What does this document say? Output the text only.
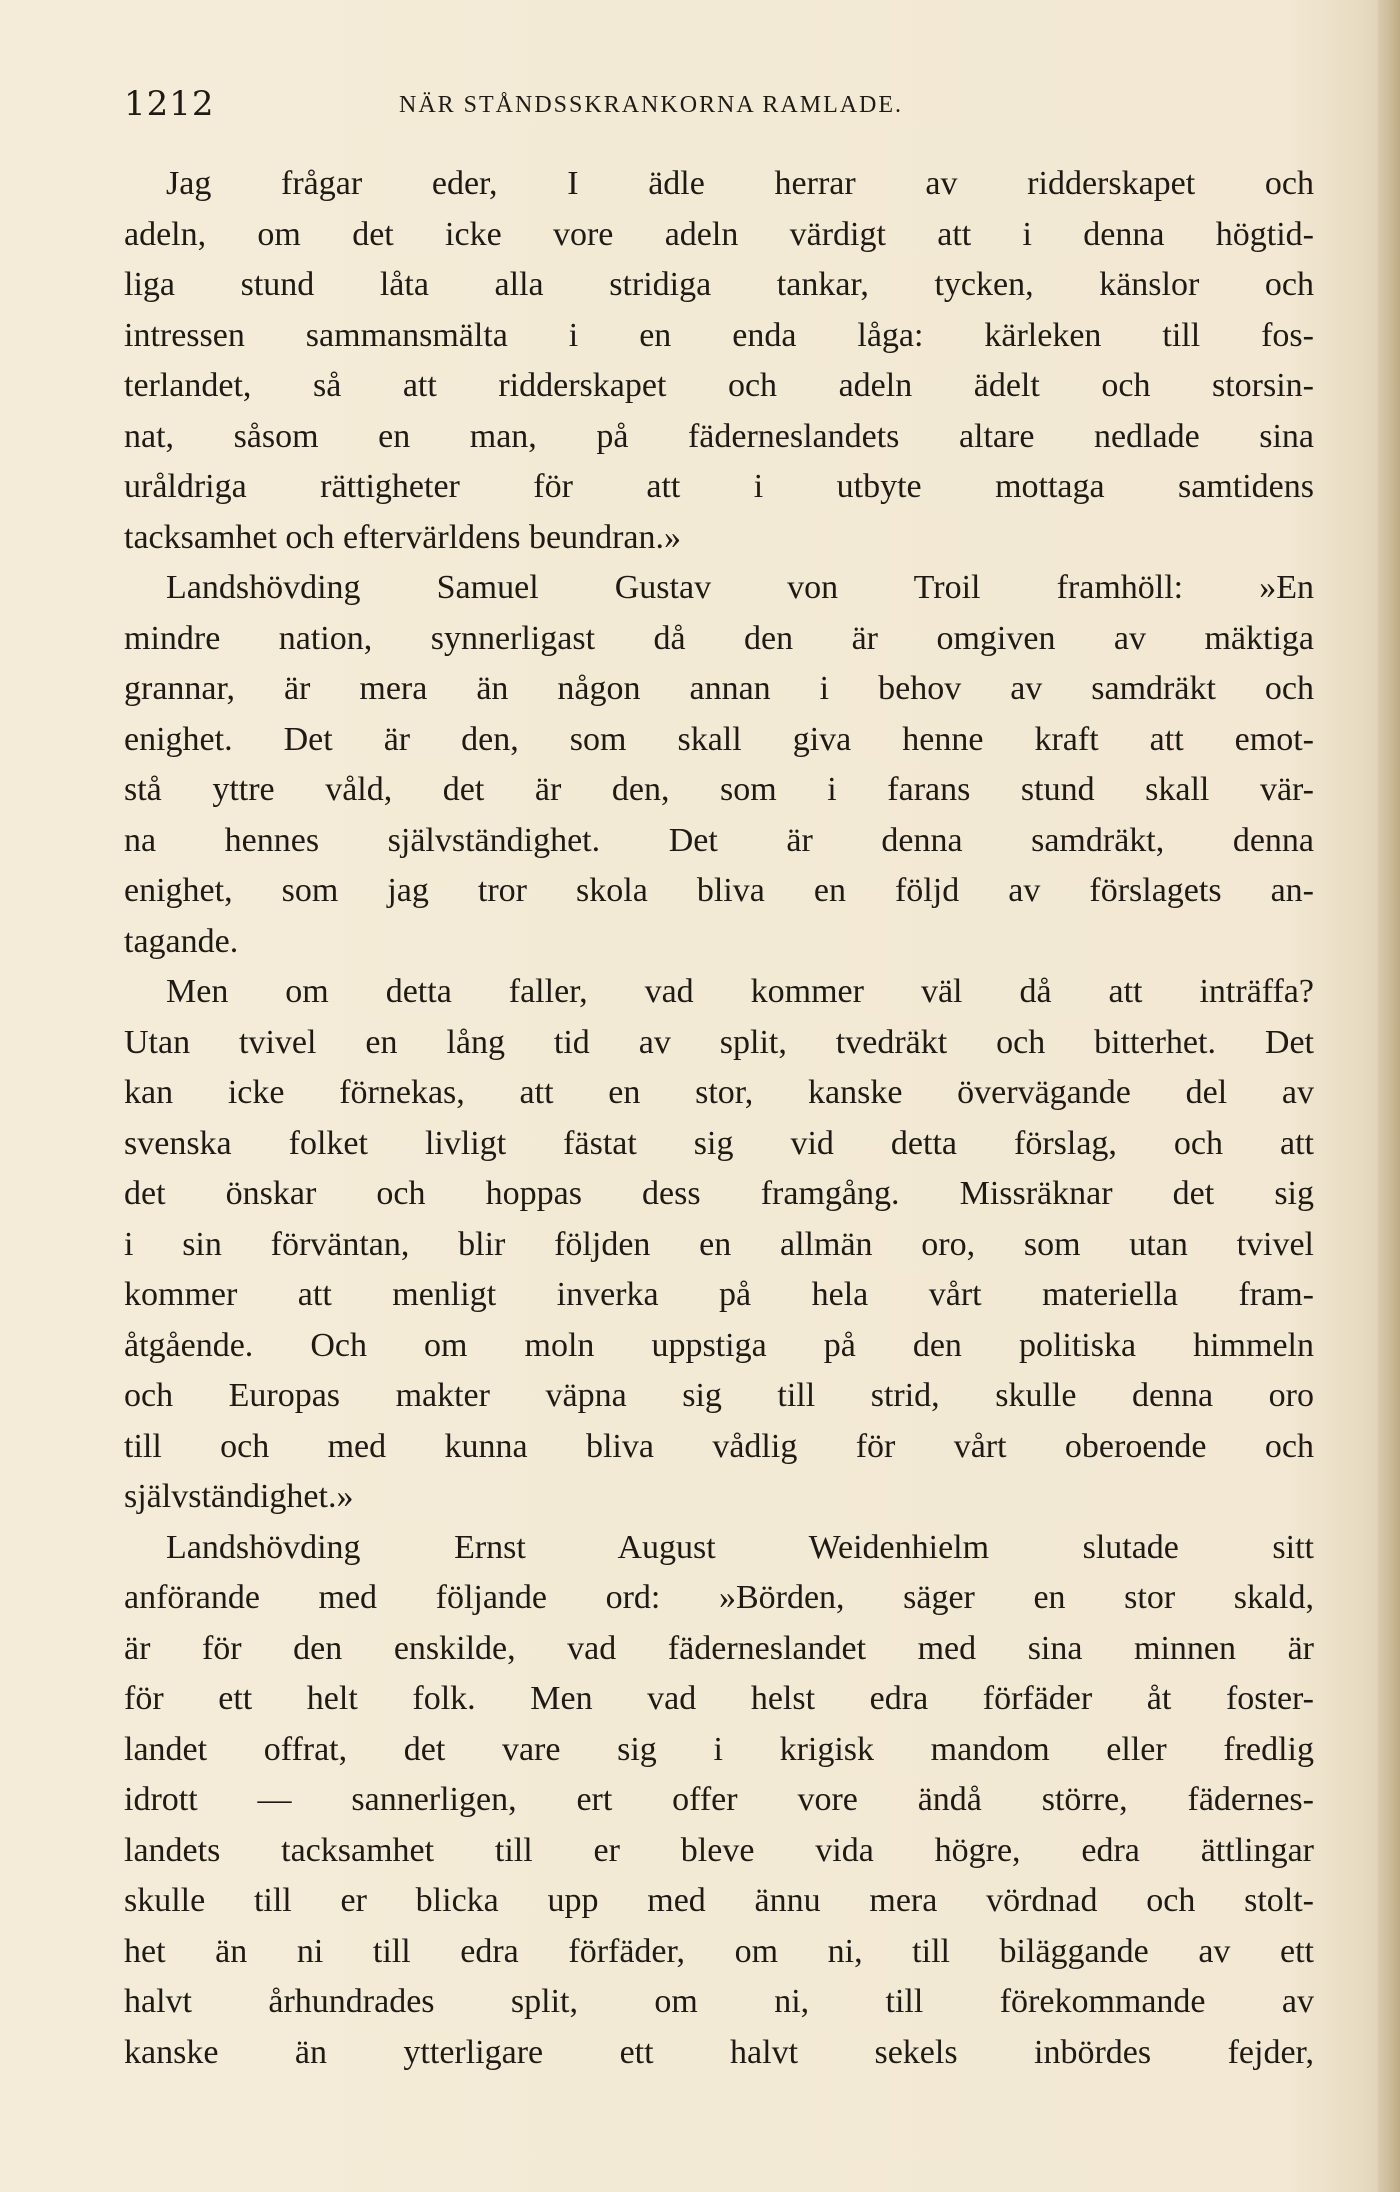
1212	NÄR STÅNDSSKRANKORNA RAMLADE.
Jag frågar eder, I ädle herrar av ridderskapet och
adeln, om det icke vore adeln värdigt att i denna högtid-
liga stund låta alla stridiga tankar, tycken, känslor och
intressen sammansmälta i en enda låga: kärleken till fos-
terlandet, så att ridderskapet och adeln ädelt och storsin-
nat, såsom en man, på fäderneslandets altare nedlade sina
uråldriga rättigheter för att i utbyte mottaga samtidens
tacksamhet och eftervärldens beundran.»
Landshövding Samuel Gustav von Troil framhöll: »En
mindre nation, synnerligast då den är omgiven av mäktiga
grannar, är mera än någon annan i behov av samdräkt och
enighet. Det är den, som skall giva henne kraft att emot-
stå yttre våld, det är den, som i farans stund skall vär-
na hennes självständighet. Det är denna samdräkt, denna
enighet, som jag tror skola bliva en följd av förslagets an-
tagande.
Men om detta faller, vad kommer väl då att inträffa?
Utan tvivel en lång tid av split, tvedräkt och bitterhet. Det
kan icke förnekas, att en stor, kanske övervägande del av
svenska folket livligt fästat sig vid detta förslag, och att
det önskar och hoppas dess framgång. Missräknar det sig
i sin förväntan, blir följden en allmän oro, som utan tvivel
kommer att menligt inverka på hela vårt materiella fram-
åtgående. Och om moln uppstiga på den politiska himmeln
och Europas makter väpna sig till strid, skulle denna oro
till och med kunna bliva vådlig för vårt oberoende och
självständighet.»
Landshövding Ernst August Weidenhielm slutade sitt
anförande med följande ord: »Börden, säger en stor skald,
är för den enskilde, vad fäderneslandet med sina minnen är
för ett helt folk. Men vad helst edra förfäder åt foster-
landet offrat, det vare sig i krigisk mandom eller fredlig
idrott — sannerligen, ert offer vore ändå större, fädernes-
landets tacksamhet till er bleve vida högre, edra ättlingar
skulle till er blicka upp med ännu mera vördnad och stolt-
het än ni till edra förfäder, om ni, till biläggande av ett
halvt århundrades split, om ni, till förekommande av
kanske än ytterligare ett halvt sekels inbördes fejder,
